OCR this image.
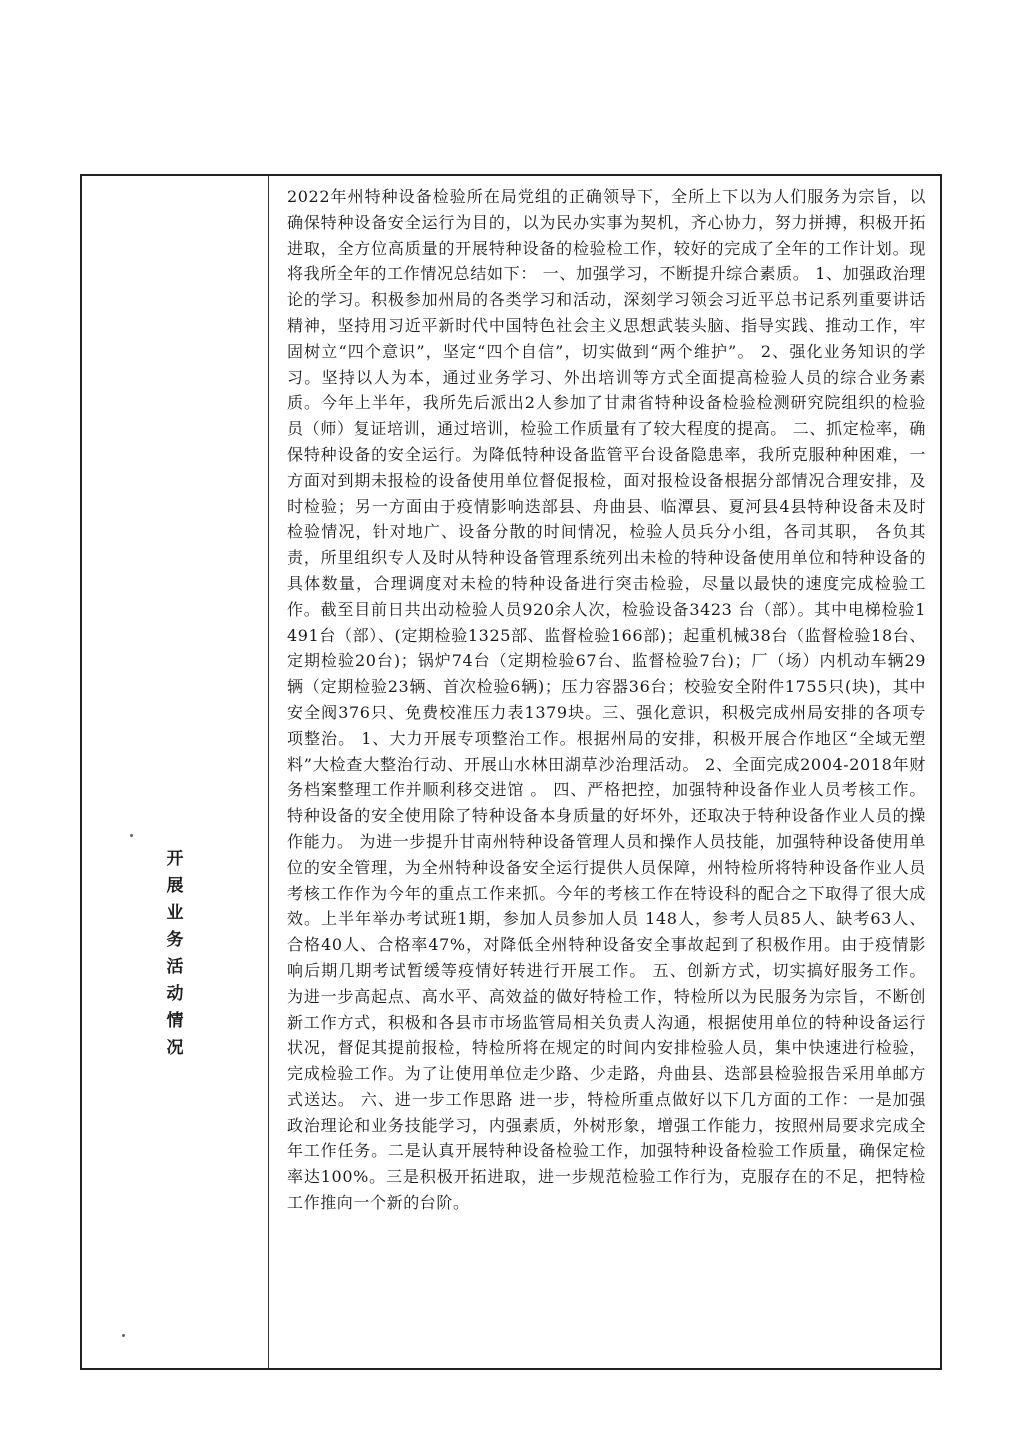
开
展
业
务
活
动
情
况

2022年州特种设备检验所在局党组的正确领导下，全所上下以为人们服务为宗旨，以确保特种设备安全运行为目的，以为民办实事为契机，齐心协力，努力拼搏，积极开拓进取，全方位高质量的开展特种设备的检验检工作，较好的完成了全年的工作计划。现将我所全年的工作情况总结如下： 一、加强学习，不断提升综合素质。 1、加强政治理论的学习。积极参加州局的各类学习和活动，深刻学习领会习近平总书记系列重要讲话精神，坚持用习近平新时代中国特色社会主义思想武装头脑、指导实践、推动工作，牢固树立“四个意识”，坚定“四个自信”，切实做到“两个维护”。 2、强化业务知识的学习。坚持以人为本，通过业务学习、外出培训等方式全面提高检验人员的综合业务素质。今年上半年，我所先后派出2人参加了甘肃省特种设备检验检测研究院组织的检验员（师）复证培训，通过培训，检验工作质量有了较大程度的提高。 二、抓定检率，确保特种设备的安全运行。为降低特种设备监管平台设备隐患率，我所克服种种困难，一方面对到期未报检的设备使用单位督促报检，面对报检设备根据分部情况合理安排，及时检验；另一方面由于疫情影响迭部县、舟曲县、临潭县、夏河县4县特种设备未及时检验情况，针对地广、设备分散的时间情况，检验人员兵分小组，各司其职， 各负其责，所里组织专人及时从特种设备管理系统列出未检的特种设备使用单位和特种设备的具体数量，合理调度对未检的特种设备进行突击检验，尽量以最快的速度完成检验工作。截至目前日共出动检验人员920余人次，检验设备3423 台（部）。其中电梯检验1491台（部）、(定期检验1325部、监督检验166部)；起重机械38台（监督检验18台、定期检验20台)；锅炉74台（定期检验67台、监督检验7台)；厂（场）内机动车辆29辆（定期检验23辆、首次检验6辆)；压力容器36台；校验安全附件1755只(块)，其中安全阀376只、免费校准压力表1379块。三、强化意识，积极完成州局安排的各项专项整治。 1、大力开展专项整治工作。根据州局的安排，积极开展合作地区“全域无塑料”大检查大整治行动、开展山水林田湖草沙治理活动。 2、全面完成2004-2018年财务档案整理工作并顺利移交进馆 。 四、严格把控，加强特种设备作业人员考核工作。 特种设备的安全使用除了特种设备本身质量的好坏外，还取决于特种设备作业人员的操作能力。 为进一步提升甘南州特种设备管理人员和操作人员技能，加强特种设备使用单位的安全管理，为全州特种设备安全运行提供人员保障，州特检所将特种设备作业人员考核工作作为今年的重点工作来抓。今年的考核工作在特设科的配合之下取得了很大成效。上半年举办考试班1期，参加人员参加人员 148人，参考人员85人、缺考63人、合格40人、合格率47%，对降低全州特种设备安全事故起到了积极作用。由于疫情影响后期几期考试暂缓等疫情好转进行开展工作。 五、创新方式，切实搞好服务工作。 为进一步高起点、高水平、高效益的做好特检工作，特检所以为民服务为宗旨，不断创新工作方式，积极和各县市市场监管局相关负责人沟通，根据使用单位的特种设备运行状况，督促其提前报检，特检所将在规定的时间内安排检验人员，集中快速进行检验，完成检验工作。为了让使用单位走少路、少走路，舟曲县、迭部县检验报告采用单邮方式送达。 六、进一步工作思路 进一步，特检所重点做好以下几方面的工作：一是加强政治理论和业务技能学习，内强素质，外树形象，增强工作能力，按照州局要求完成全年工作任务。二是认真开展特种设备检验工作，加强特种设备检验工作质量，确保定检率达100%。三是积极开拓进取，进一步规范检验工作行为，克服存在的不足，把特检工作推向一个新的台阶。
